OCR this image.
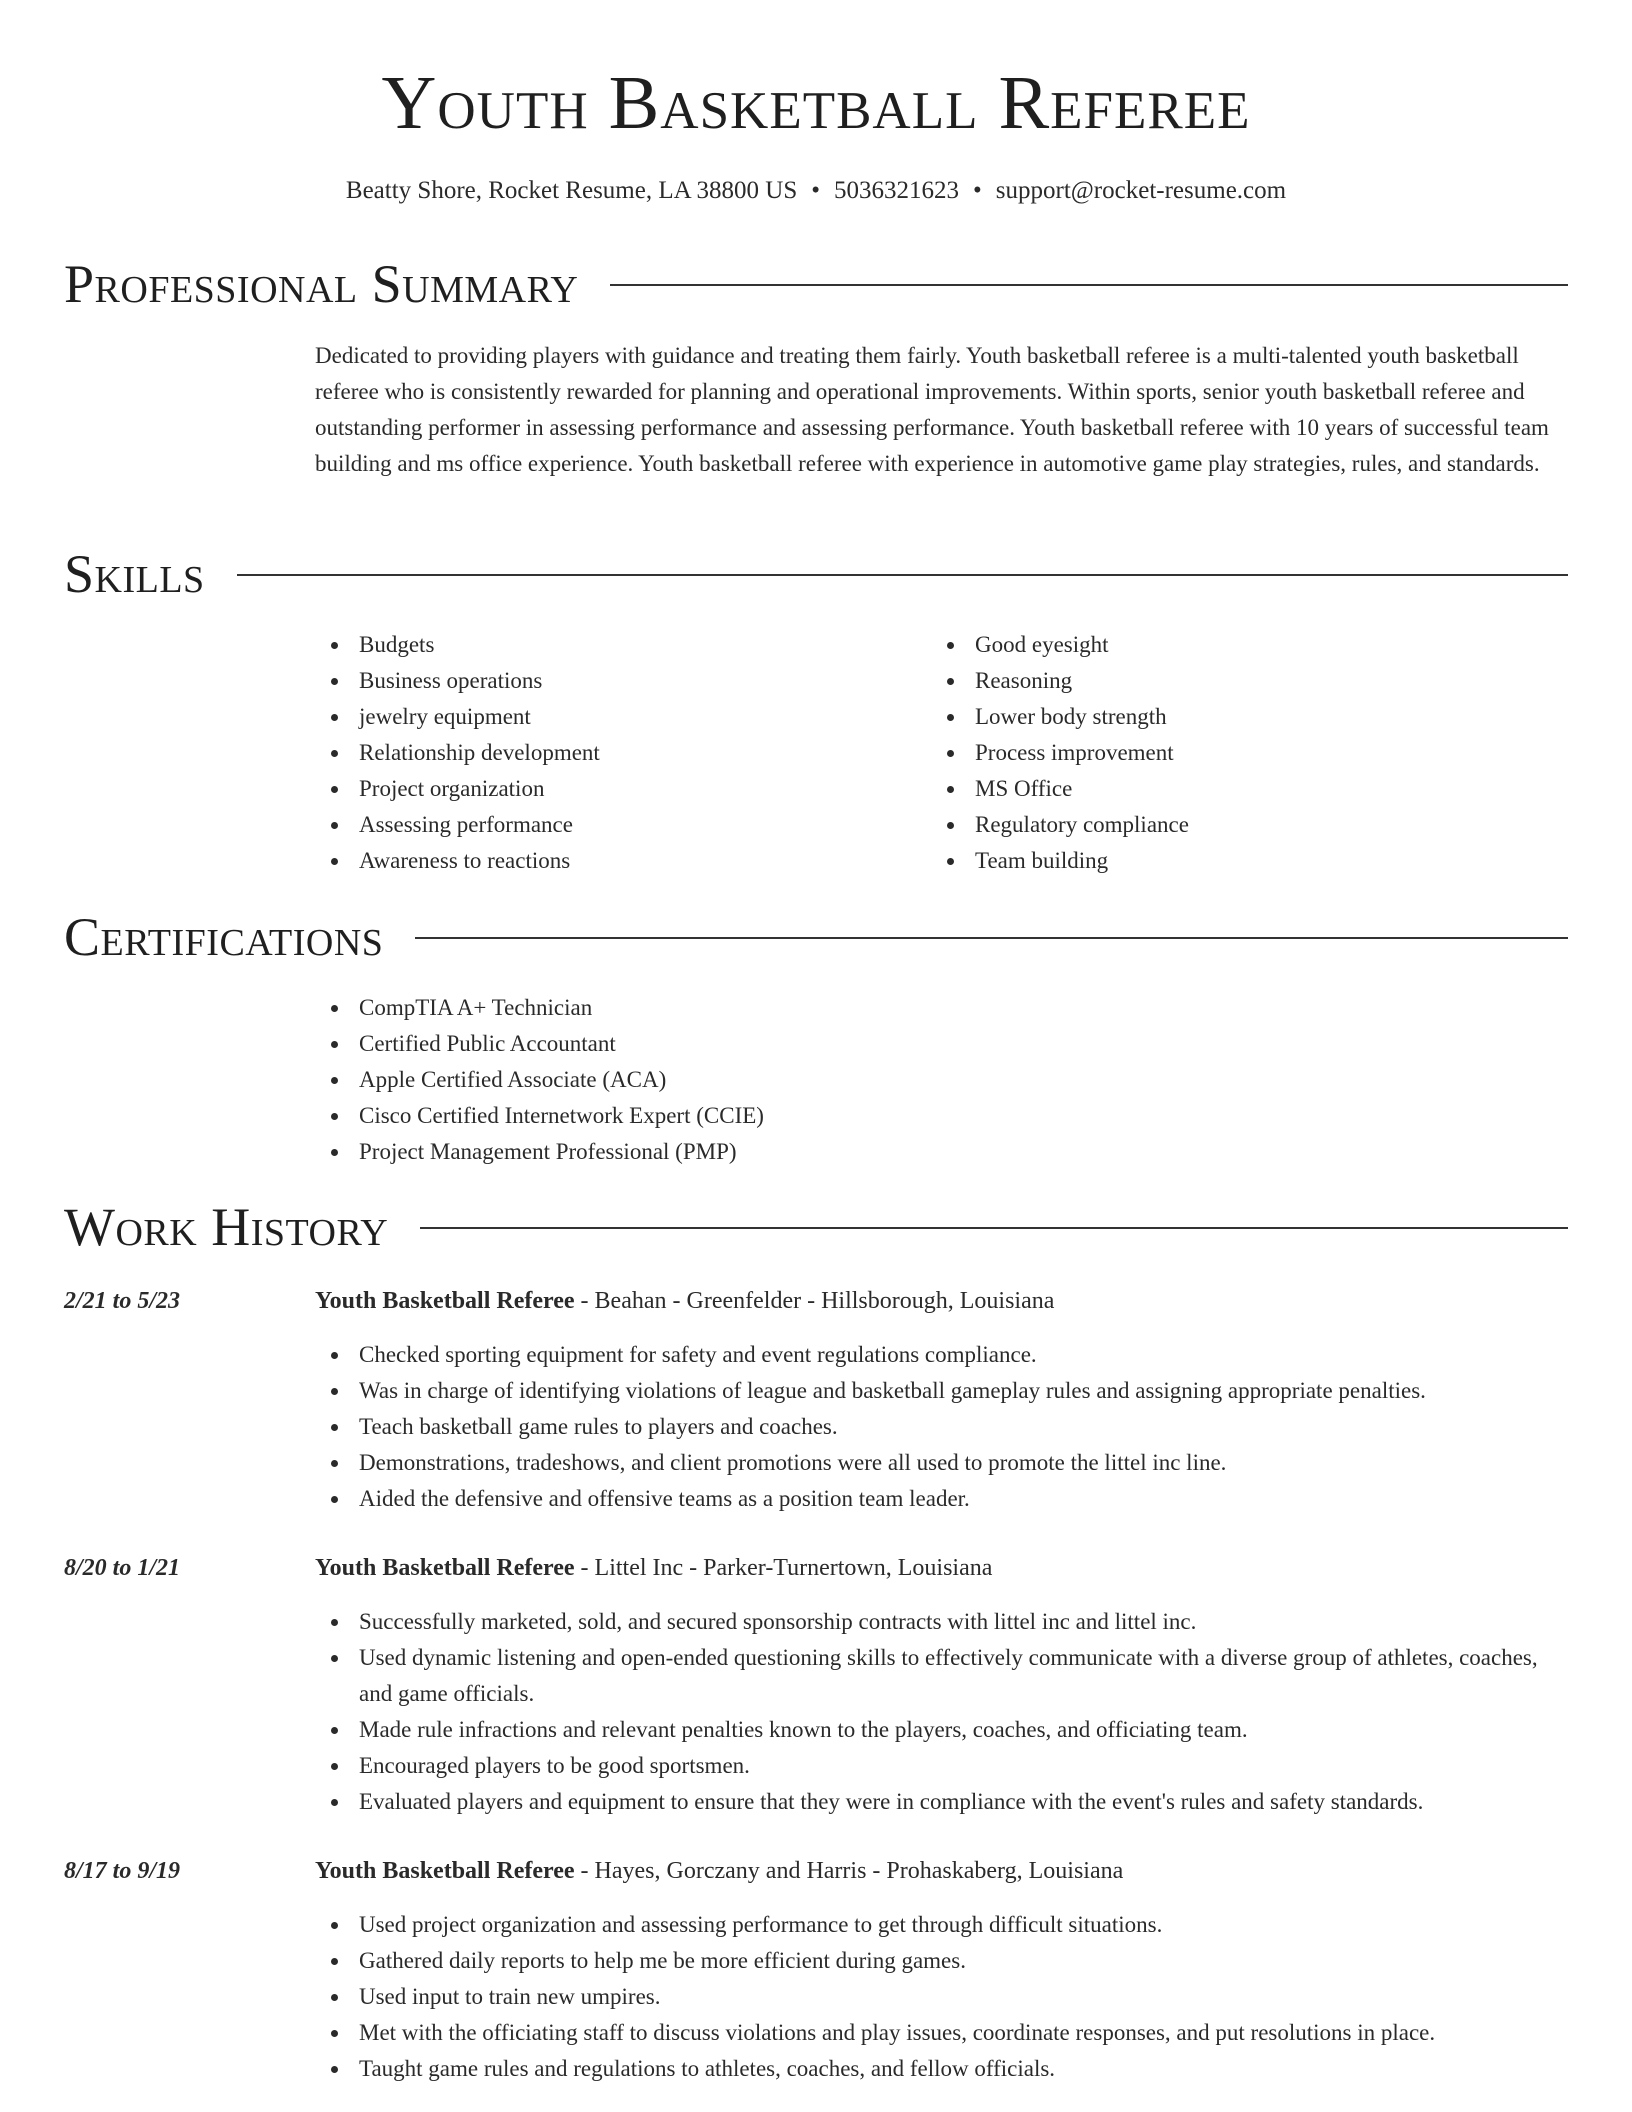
Youth Basketball Referee
Beatty Shore, Rocket Resume, LA 38800 US • 5036321623 • support@rocket-resume.com
Professional Summary
Dedicated to providing players with guidance and treating them fairly. Youth basketball referee is a multi-talented youth basketball referee who is consistently rewarded for planning and operational improvements. Within sports, senior youth basketball referee and outstanding performer in assessing performance and assessing performance. Youth basketball referee with 10 years of successful team building and ms office experience. Youth basketball referee with experience in automotive game play strategies, rules, and standards.
Skills
Budgets
Business operations
jewelry equipment
Relationship development
Project organization
Assessing performance
Awareness to reactions
Good eyesight
Reasoning
Lower body strength
Process improvement
MS Office
Regulatory compliance
Team building
Certifications
CompTIA A+ Technician
Certified Public Accountant
Apple Certified Associate (ACA)
Cisco Certified Internetwork Expert (CCIE)
Project Management Professional (PMP)
Work History
2/21 to 5/23	Youth Basketball Referee - Beahan - Greenfelder - Hillsborough, Louisiana
Checked sporting equipment for safety and event regulations compliance.
Was in charge of identifying violations of league and basketball gameplay rules and assigning appropriate penalties.
Teach basketball game rules to players and coaches.
Demonstrations, tradeshows, and client promotions were all used to promote the littel inc line.
Aided the defensive and offensive teams as a position team leader.
8/20 to 1/21	Youth Basketball Referee - Littel Inc - Parker-Turnertown, Louisiana
Successfully marketed, sold, and secured sponsorship contracts with littel inc and littel inc.
Used dynamic listening and open-ended questioning skills to effectively communicate with a diverse group of athletes, coaches, and game officials.
Made rule infractions and relevant penalties known to the players, coaches, and officiating team.
Encouraged players to be good sportsmen.
Evaluated players and equipment to ensure that they were in compliance with the event's rules and safety standards.
8/17 to 9/19	Youth Basketball Referee - Hayes, Gorczany and Harris - Prohaskaberg, Louisiana
Used project organization and assessing performance to get through difficult situations.
Gathered daily reports to help me be more efficient during games.
Used input to train new umpires.
Met with the officiating staff to discuss violations and play issues, coordinate responses, and put resolutions in place.
Taught game rules and regulations to athletes, coaches, and fellow officials.
